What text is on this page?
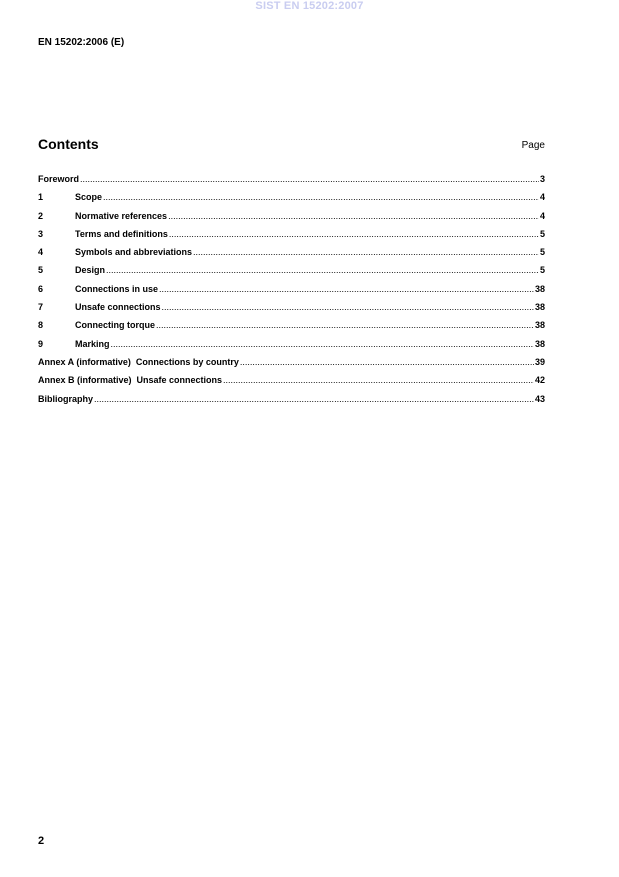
SIST EN 15202:2007
EN 15202:2006 (E)
Contents	Page
Foreword .....	3
1	Scope .....	4
2	Normative references .....	4
3	Terms and definitions .....	5
4	Symbols and abbreviations .....	5
5	Design .....	5
6	Connections in use .....	38
7	Unsafe connections .....	38
8	Connecting torque .....	38
9	Marking .....	38
Annex A (informative)  Connections by country .....	39
Annex B (informative)  Unsafe connections .....	42
Bibliography .....	43
2
